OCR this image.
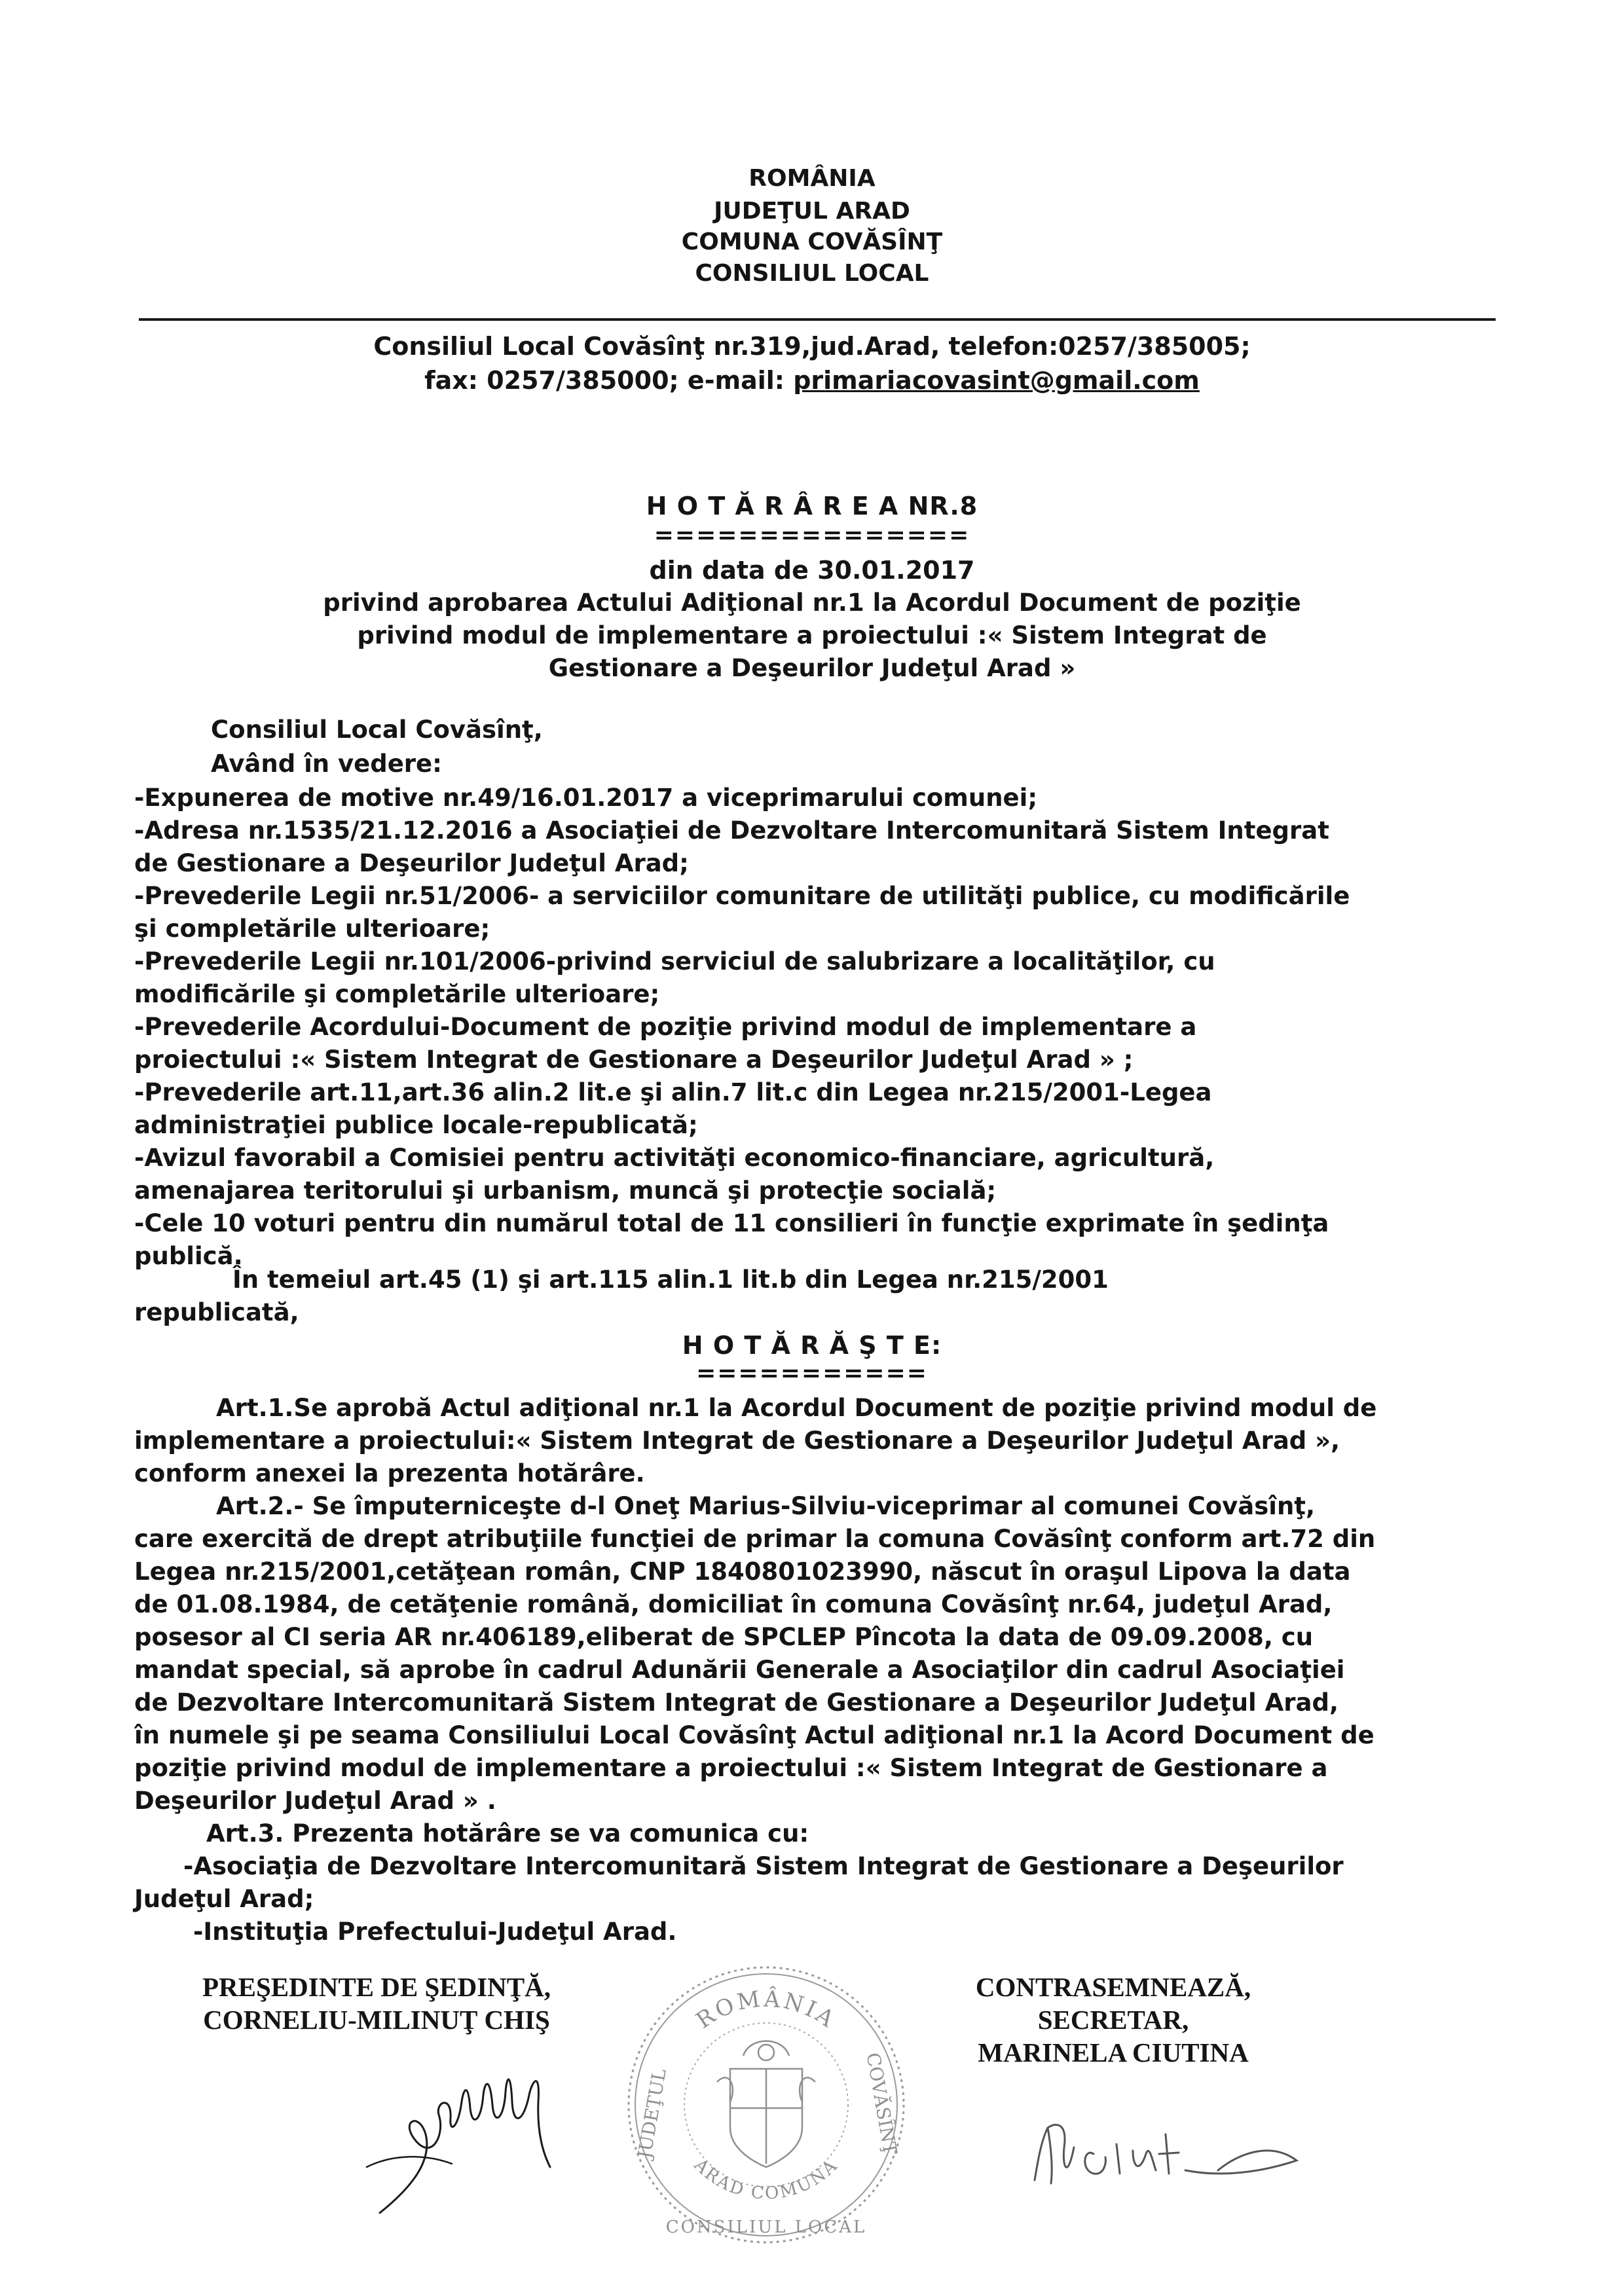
ROMÂNIA

JUDEŢUL ARAD

COMUNA COVĂSÎNŢ

CONSILIUL LOCAL

Consiliul Local Covăsînţ nr.319,jud.Arad, telefon:0257/385005;

fax: 0257/385000; e-mail: primariacovasint@gmail.com

H O T Ă R Â R E A NR.8

===============

din data de 30.01.2017

privind aprobarea Actului Adiţional nr.1 la Acordul Document de poziţie
privind modul de implementare a proiectului :« Sistem Integrat de
Gestionare a Deşeurilor Judeţul Arad »

Consiliul Local Covăsînţ,

Având în vedere:

-Expunerea de motive nr.49/16.01.2017 a viceprimarului comunei;
-Adresa nr.1535/21.12.2016 a Asociaţiei de Dezvoltare Intercomunitară Sistem Integrat
de Gestionare a Deşeurilor Judeţul Arad;
-Prevederile Legii nr.51/2006- a serviciilor comunitare de utilităţi publice, cu modificările
şi completările ulterioare;
-Prevederile Legii nr.101/2006-privind serviciul de salubrizare a localităţilor, cu
modificările şi completările ulterioare;
-Prevederile Acordului-Document de poziţie privind modul de implementare a
proiectului :« Sistem Integrat de Gestionare a Deşeurilor Judeţul Arad » ;
-Prevederile art.11,art.36 alin.2 lit.e şi alin.7 lit.c din Legea nr.215/2001-Legea
administraţiei publice locale-republicată;
-Avizul favorabil a Comisiei pentru activităţi economico-financiare, agricultură,
amenajarea teritorului şi urbanism, muncă şi protecţie socială;
-Cele 10 voturi pentru din numărul total de 11 consilieri în funcţie exprimate în şedinţa
publică.

În temeiul art.45 (1) şi art.115 alin.1 lit.b din Legea nr.215/2001

republicată,

H O T Ă R Ă Ş T E:

===========

Art.1.Se aprobă Actul adiţional nr.1 la Acordul Document de poziţie privind modul de
implementare a proiectului:« Sistem Integrat de Gestionare a Deşeurilor Judeţul Arad »,
conform anexei la prezenta hotărâre.
Art.2.- Se împuterniceşte d-l Oneţ Marius-Silviu-viceprimar al comunei Covăsînţ,
care exercită de drept atribuţiile funcţiei de primar la comuna Covăsînţ conform art.72 din
Legea nr.215/2001,cetăţean român, CNP 1840801023990, născut în oraşul Lipova la data
de 01.08.1984, de cetăţenie română, domiciliat în comuna Covăsînţ nr.64, judeţul Arad,
posesor al CI seria AR nr.406189,eliberat de SPCLEP Pîncota la data de 09.09.2008, cu
mandat special, să aprobe în cadrul Adunării Generale a Asociaţilor din cadrul Asociaţiei
de Dezvoltare Intercomunitară Sistem Integrat de Gestionare a Deşeurilor Judeţul Arad,
în numele şi pe seama Consiliului Local Covăsînţ Actul adiţional nr.1 la Acord Document de
poziţie privind modul de implementare a proiectului :« Sistem Integrat de Gestionare a
Deşeurilor Judeţul Arad » .
Art.3. Prezenta hotărâre se va comunica cu:
-Asociaţia de Dezvoltare Intercomunitară Sistem Integrat de Gestionare a Deşeurilor
Judeţul Arad;
-Instituţia Prefectului-Judeţul Arad.
PREŞEDINTE DE ŞEDINŢĂ,
CORNELIU-MILINUŢ CHIŞ
CONTRASEMNEAZĂ,
SECRETAR,
MARINELA CIUTINA
ROMÂNIA
JUDEŢUL	COVĂSÎNŢ
ARAD COMUNA
CONSILIUL LOCAL
